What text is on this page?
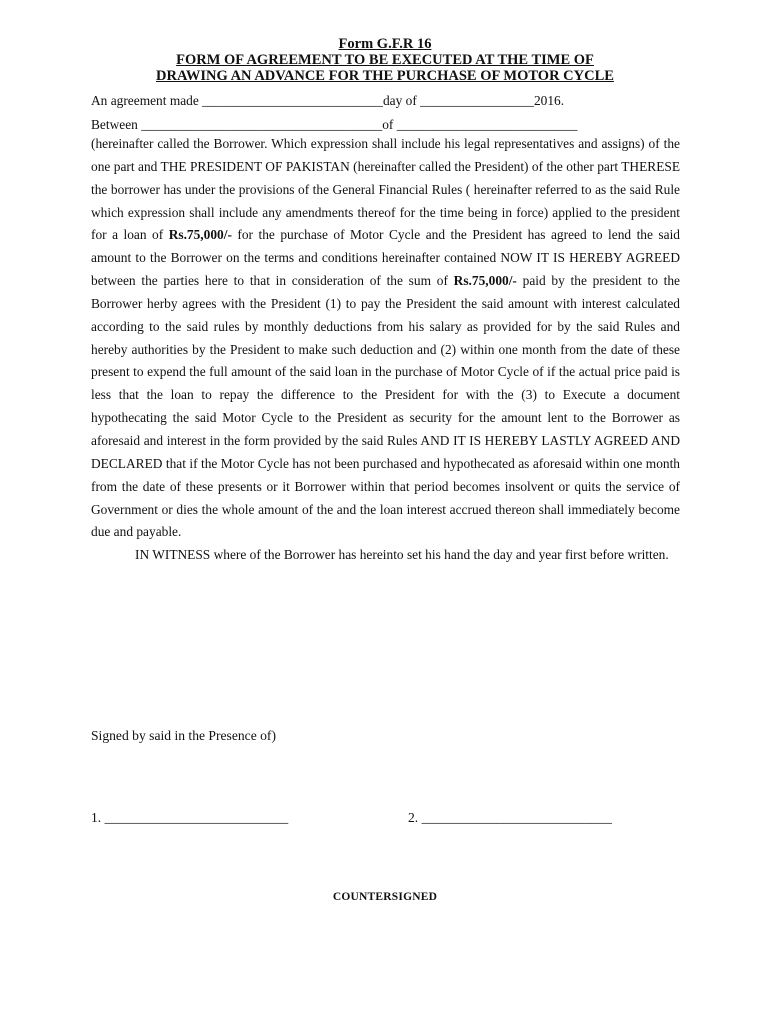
Form G.F.R 16
FORM OF AGREEMENT TO BE EXECUTED AT THE TIME OF
DRAWING AN ADVANCE FOR THE PURCHASE OF MOTOR CYCLE
An agreement made ___________________________day of _________________2016.
Between ____________________________________of ___________________________

(hereinafter called the Borrower. Which expression shall include his legal representatives and assigns) of the one part and THE PRESIDENT OF PAKISTAN (hereinafter called the President) of the other part THERESE the borrower has under the provisions of the General Financial Rules ( hereinafter referred to as the said Rule which expression shall include any amendments thereof for the time being in force) applied to the president for a loan of Rs.75,000/- for the purchase of Motor Cycle and the President has agreed to lend the said amount to the Borrower on the terms and conditions hereinafter contained NOW IT IS HEREBY AGREED between the parties here to that in consideration of the sum of Rs.75,000/- paid by the president to the Borrower herby agrees with the President (1) to pay the President the said amount with interest calculated according to the said rules by monthly deductions from his salary as provided for by the said Rules and hereby authorities by the President to make such deduction and (2) within one month from the date of these present to expend the full amount of the said loan in the purchase of Motor Cycle of if the actual price paid is less that the loan to repay the difference to the President for with the (3) to Execute a document hypothecating the said Motor Cycle to the President as security for the amount lent to the Borrower as aforesaid and interest in the form provided by the said Rules AND IT IS HEREBY LASTLY AGREED AND DECLARED that if the Motor Cycle has not been purchased and hypothecated as aforesaid within one month from the date of these presents or it Borrower within that period becomes insolvent or quits the service of Government or dies the whole amount of the and the loan interest accrued thereon shall immediately become due and payable.

IN WITNESS where of the Borrower has hereinto set his hand the day and year first before written.

Signed by said in the Presence of)
1. ___________________________	2. ____________________________
COUNTERSIGNED
